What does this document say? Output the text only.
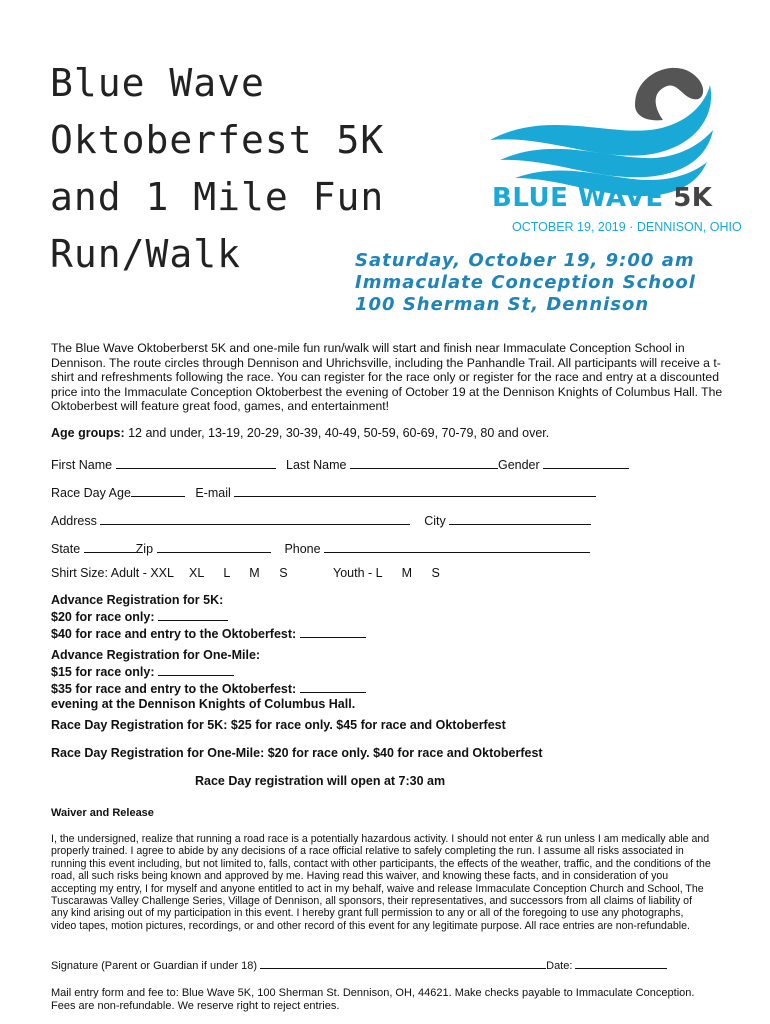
Blue Wave
Oktoberfest 5K
and 1 Mile Fun
Run/Walk
BLUE WAVE 5K
OCTOBER 19, 2019 · DENNISON, OHIO
Saturday, October 19, 9:00 am
Immaculate Conception School
100 Sherman St, Dennison
The Blue Wave Oktoberberst 5K and one-mile fun run/walk will start and finish near Immaculate Conception School in Dennison. The route circles through Dennison and Uhrichsville, including the Panhandle Trail. All participants will receive a t-shirt and refreshments following the race. You can register for the race only or register for the race and entry at a discounted price into the Immaculate Conception Oktoberbest the evening of October 19 at the Dennison Knights of Columbus Hall. The Oktoberbest will feature great food, games, and entertainment!
Age groups: 12 and under, 13-19, 20-29, 30-39, 40-49, 50-59, 60-69, 70-79, 80 and over.
First Name	Last Name	Gender
Race Day Age	E-mail
Address	City
State	Zip	Phone
Shirt Size: Adult - XXL XL L M S	Youth - L M S
Advance Registration for 5K:
$20 for race only:
$40 for race and entry to the Oktoberfest:
Advance Registration for One-Mile:
$15 for race only:
$35 for race and entry to the Oktoberfest:
evening at the Dennison Knights of Columbus Hall.
Race Day Registration for 5K: $25 for race only. $45 for race and Oktoberfest
Race Day Registration for One-Mile: $20 for race only. $40 for race and Oktoberfest
Race Day registration will open at 7:30 am
Waiver and Release
I, the undersigned, realize that running a road race is a potentially hazardous activity. I should not enter & run unless I am medically able and properly trained. I agree to abide by any decisions of a race official relative to safely completing the run. I assume all risks associated in running this event including, but not limited to, falls, contact with other participants, the effects of the weather, traffic, and the conditions of the road, all such risks being known and approved by me. Having read this waiver, and knowing these facts, and in consideration of you accepting my entry, I for myself and anyone entitled to act in my behalf, waive and release Immaculate Conception Church and School, The Tuscarawas Valley Challenge Series, Village of Dennison, all sponsors, their representatives, and successors from all claims of liability of any kind arising out of my participation in this event. I hereby grant full permission to any or all of the foregoing to use any photographs, video tapes, motion pictures, recordings, or and other record of this event for any legitimate purpose. All race entries are non-refundable.
Signature (Parent or Guardian if under 18)	Date:
Mail entry form and fee to: Blue Wave 5K, 100 Sherman St. Dennison, OH, 44621. Make checks payable to Immaculate Conception. Fees are non-refundable. We reserve right to reject entries.
